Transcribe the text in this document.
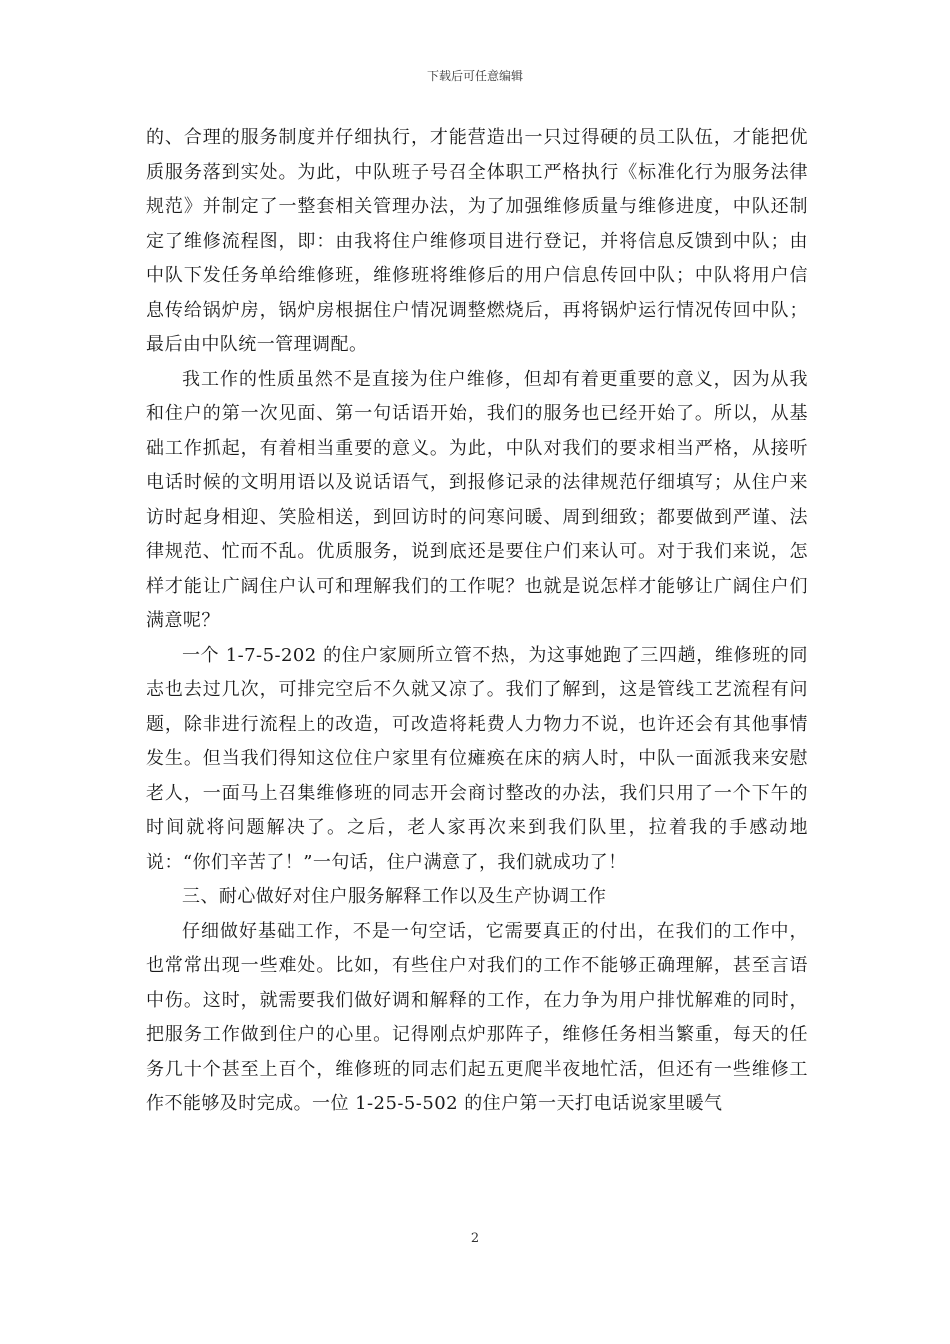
下载后可任意编辑

的、合理的服务制度并仔细执行，才能营造出一只过得硬的员工队伍，才能把优质服务落到实处。为此，中队班子号召全体职工严格执行《标准化行为服务法律规范》并制定了一整套相关管理办法，为了加强维修质量与维修进度，中队还制定了维修流程图，即：由我将住户维修项目进行登记，并将信息反馈到中队；由中队下发任务单给维修班，维修班将维修后的用户信息传回中队；中队将用户信息传给锅炉房，锅炉房根据住户情况调整燃烧后，再将锅炉运行情况传回中队；最后由中队统一管理调配。

我工作的性质虽然不是直接为住户维修，但却有着更重要的意义，因为从我和住户的第一次见面、第一句话语开始，我们的服务也已经开始了。所以，从基础工作抓起，有着相当重要的意义。为此，中队对我们的要求相当严格，从接听电话时候的文明用语以及说话语气，到报修记录的法律规范仔细填写；从住户来访时起身相迎、笑脸相送，到回访时的问寒问暖、周到细致；都要做到严谨、法律规范、忙而不乱。优质服务，说到底还是要住户们来认可。对于我们来说，怎样才能让广阔住户认可和理解我们的工作呢？也就是说怎样才能够让广阔住户们满意呢？

一个 1-7-5-202 的住户家厕所立管不热，为这事她跑了三四趟，维修班的同志也去过几次，可排完空后不久就又凉了。我们了解到，这是管线工艺流程有问题，除非进行流程上的改造，可改造将耗费人力物力不说，也许还会有其他事情发生。但当我们得知这位住户家里有位瘫痪在床的病人时，中队一面派我来安慰老人，一面马上召集维修班的同志开会商讨整改的办法，我们只用了一个下午的时间就将问题解决了。之后，老人家再次来到我们队里，拉着我的手感动地说：“你们辛苦了！”一句话，住户满意了，我们就成功了！

三、耐心做好对住户服务解释工作以及生产协调工作

仔细做好基础工作，不是一句空话，它需要真正的付出，在我们的工作中，也常常出现一些难处。比如，有些住户对我们的工作不能够正确理解，甚至言语中伤。这时，就需要我们做好调和解释的工作，在力争为用户排忧解难的同时，把服务工作做到住户的心里。记得刚点炉那阵子，维修任务相当繁重，每天的任务几十个甚至上百个，维修班的同志们起五更爬半夜地忙活，但还有一些维修工作不能够及时完成。一位 1-25-5-502 的住户第一天打电话说家里暖气

2
